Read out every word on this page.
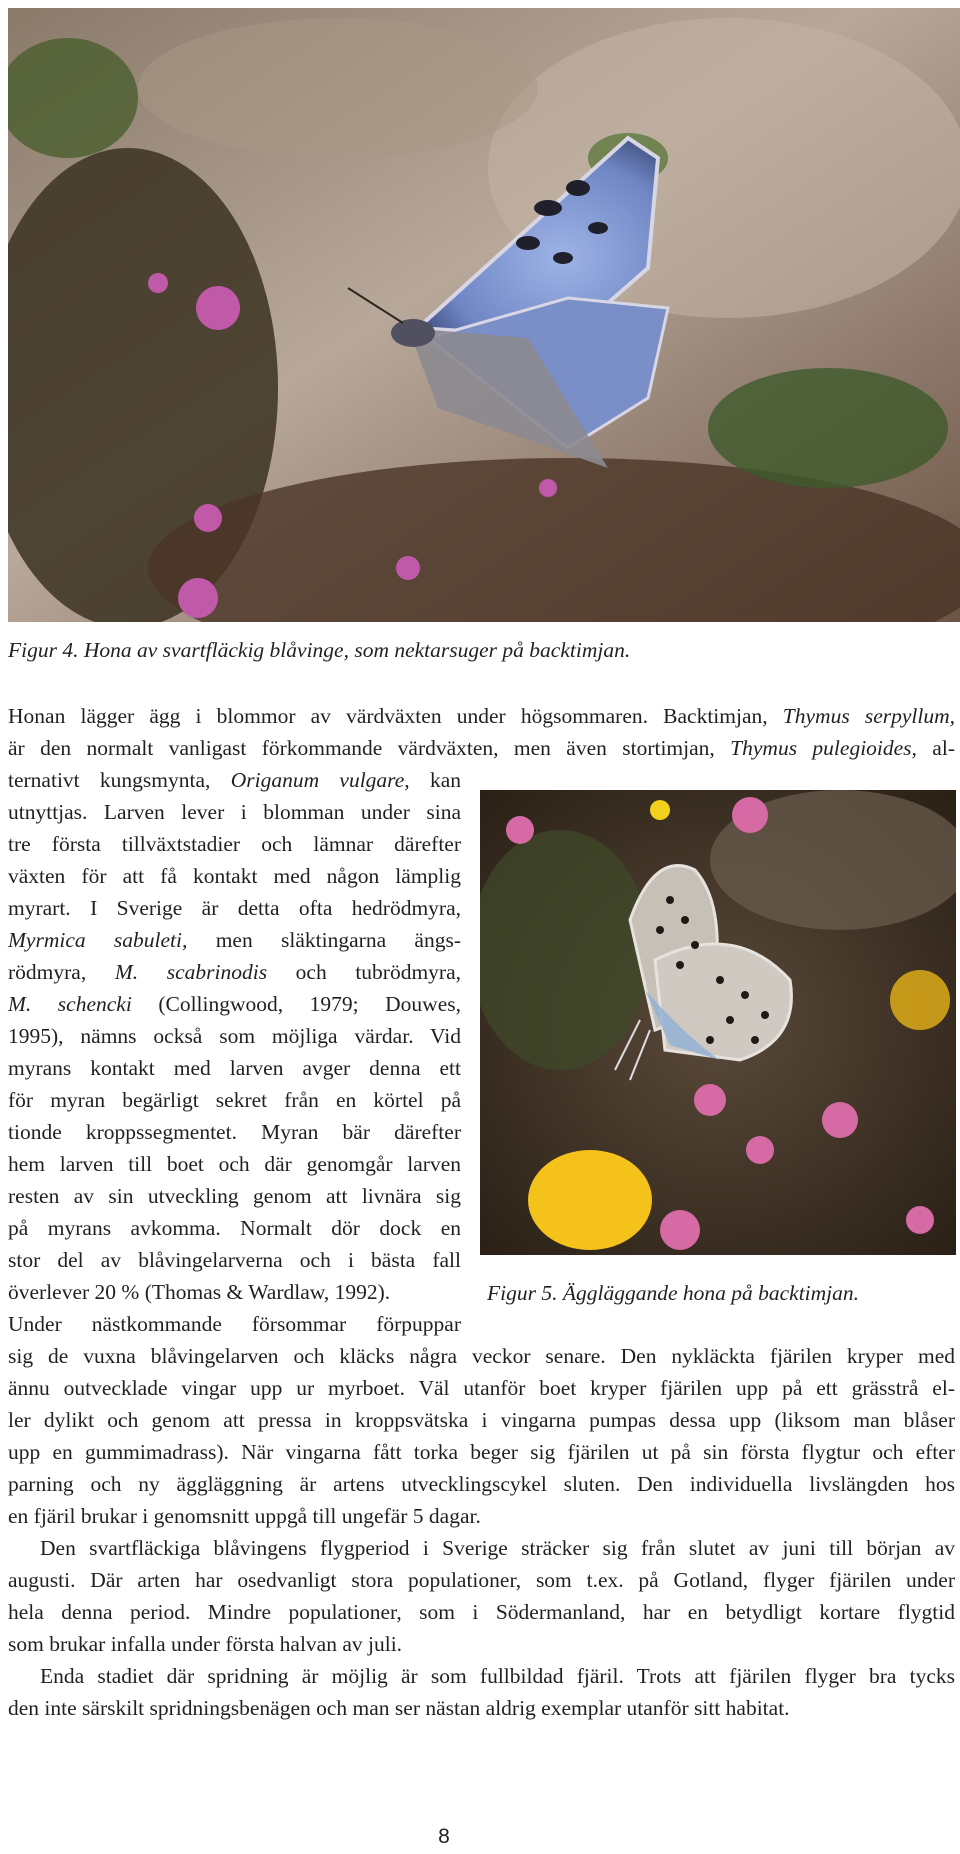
Figur 4. Hona av svartfläckig blåvinge, som nektarsuger på backtimjan.
Figur 5. Äggläggande hona på backtimjan.
Honan lägger ägg i blommor av värdväxten under högsommaren. Backtimjan, Thymus serpyllum,
är den normalt vanligast förkommande värdväxten, men även stortimjan, Thymus pulegioides, al-
ternativt kungsmynta, Origanum vulgare, kan
utnyttjas. Larven lever i blomman under sina
tre första tillväxtstadier och lämnar därefter
växten för att få kontakt med någon lämplig
myrart. I Sverige är detta ofta hedrödmyra,
Myrmica sabuleti, men släktingarna ängs-
rödmyra, M. scabrinodis och tubrödmyra,
M. schencki (Collingwood, 1979; Douwes,
1995), nämns också som möjliga värdar. Vid
myrans kontakt med larven avger denna ett
för myran begärligt sekret från en körtel på
tionde kroppssegmentet. Myran bär därefter
hem larven till boet och där genomgår larven
resten av sin utveckling genom att livnära sig
på myrans avkomma. Normalt dör dock en
stor del av blåvingelarverna och i bästa fall
överlever 20 % (Thomas & Wardlaw, 1992).
Under nästkommande försommar förpuppar
sig de vuxna blåvingelarven och kläcks några veckor senare. Den nykläckta fjärilen kryper med
ännu outvecklade vingar upp ur myrboet. Väl utanför boet kryper fjärilen upp på ett grässtrå el-
ler dylikt och genom att pressa in kroppsvätska i vingarna pumpas dessa upp (liksom man blåser
upp en gummimadrass). När vingarna fått torka beger sig fjärilen ut på sin första flygtur och efter
parning och ny äggläggning är artens utvecklingscykel sluten. Den individuella livslängden hos
en fjäril brukar i genomsnitt uppgå till ungefär 5 dagar.
Den svartfläckiga blåvingens flygperiod i Sverige sträcker sig från slutet av juni till början av
augusti. Där arten har osedvanligt stora populationer, som t.ex. på Gotland, flyger fjärilen under
hela denna period. Mindre populationer, som i Södermanland, har en betydligt kortare flygtid
som brukar infalla under första halvan av juli.
Enda stadiet där spridning är möjlig är som fullbildad fjäril. Trots att fjärilen flyger bra tycks
den inte särskilt spridningsbenägen och man ser nästan aldrig exemplar utanför sitt habitat.
8
